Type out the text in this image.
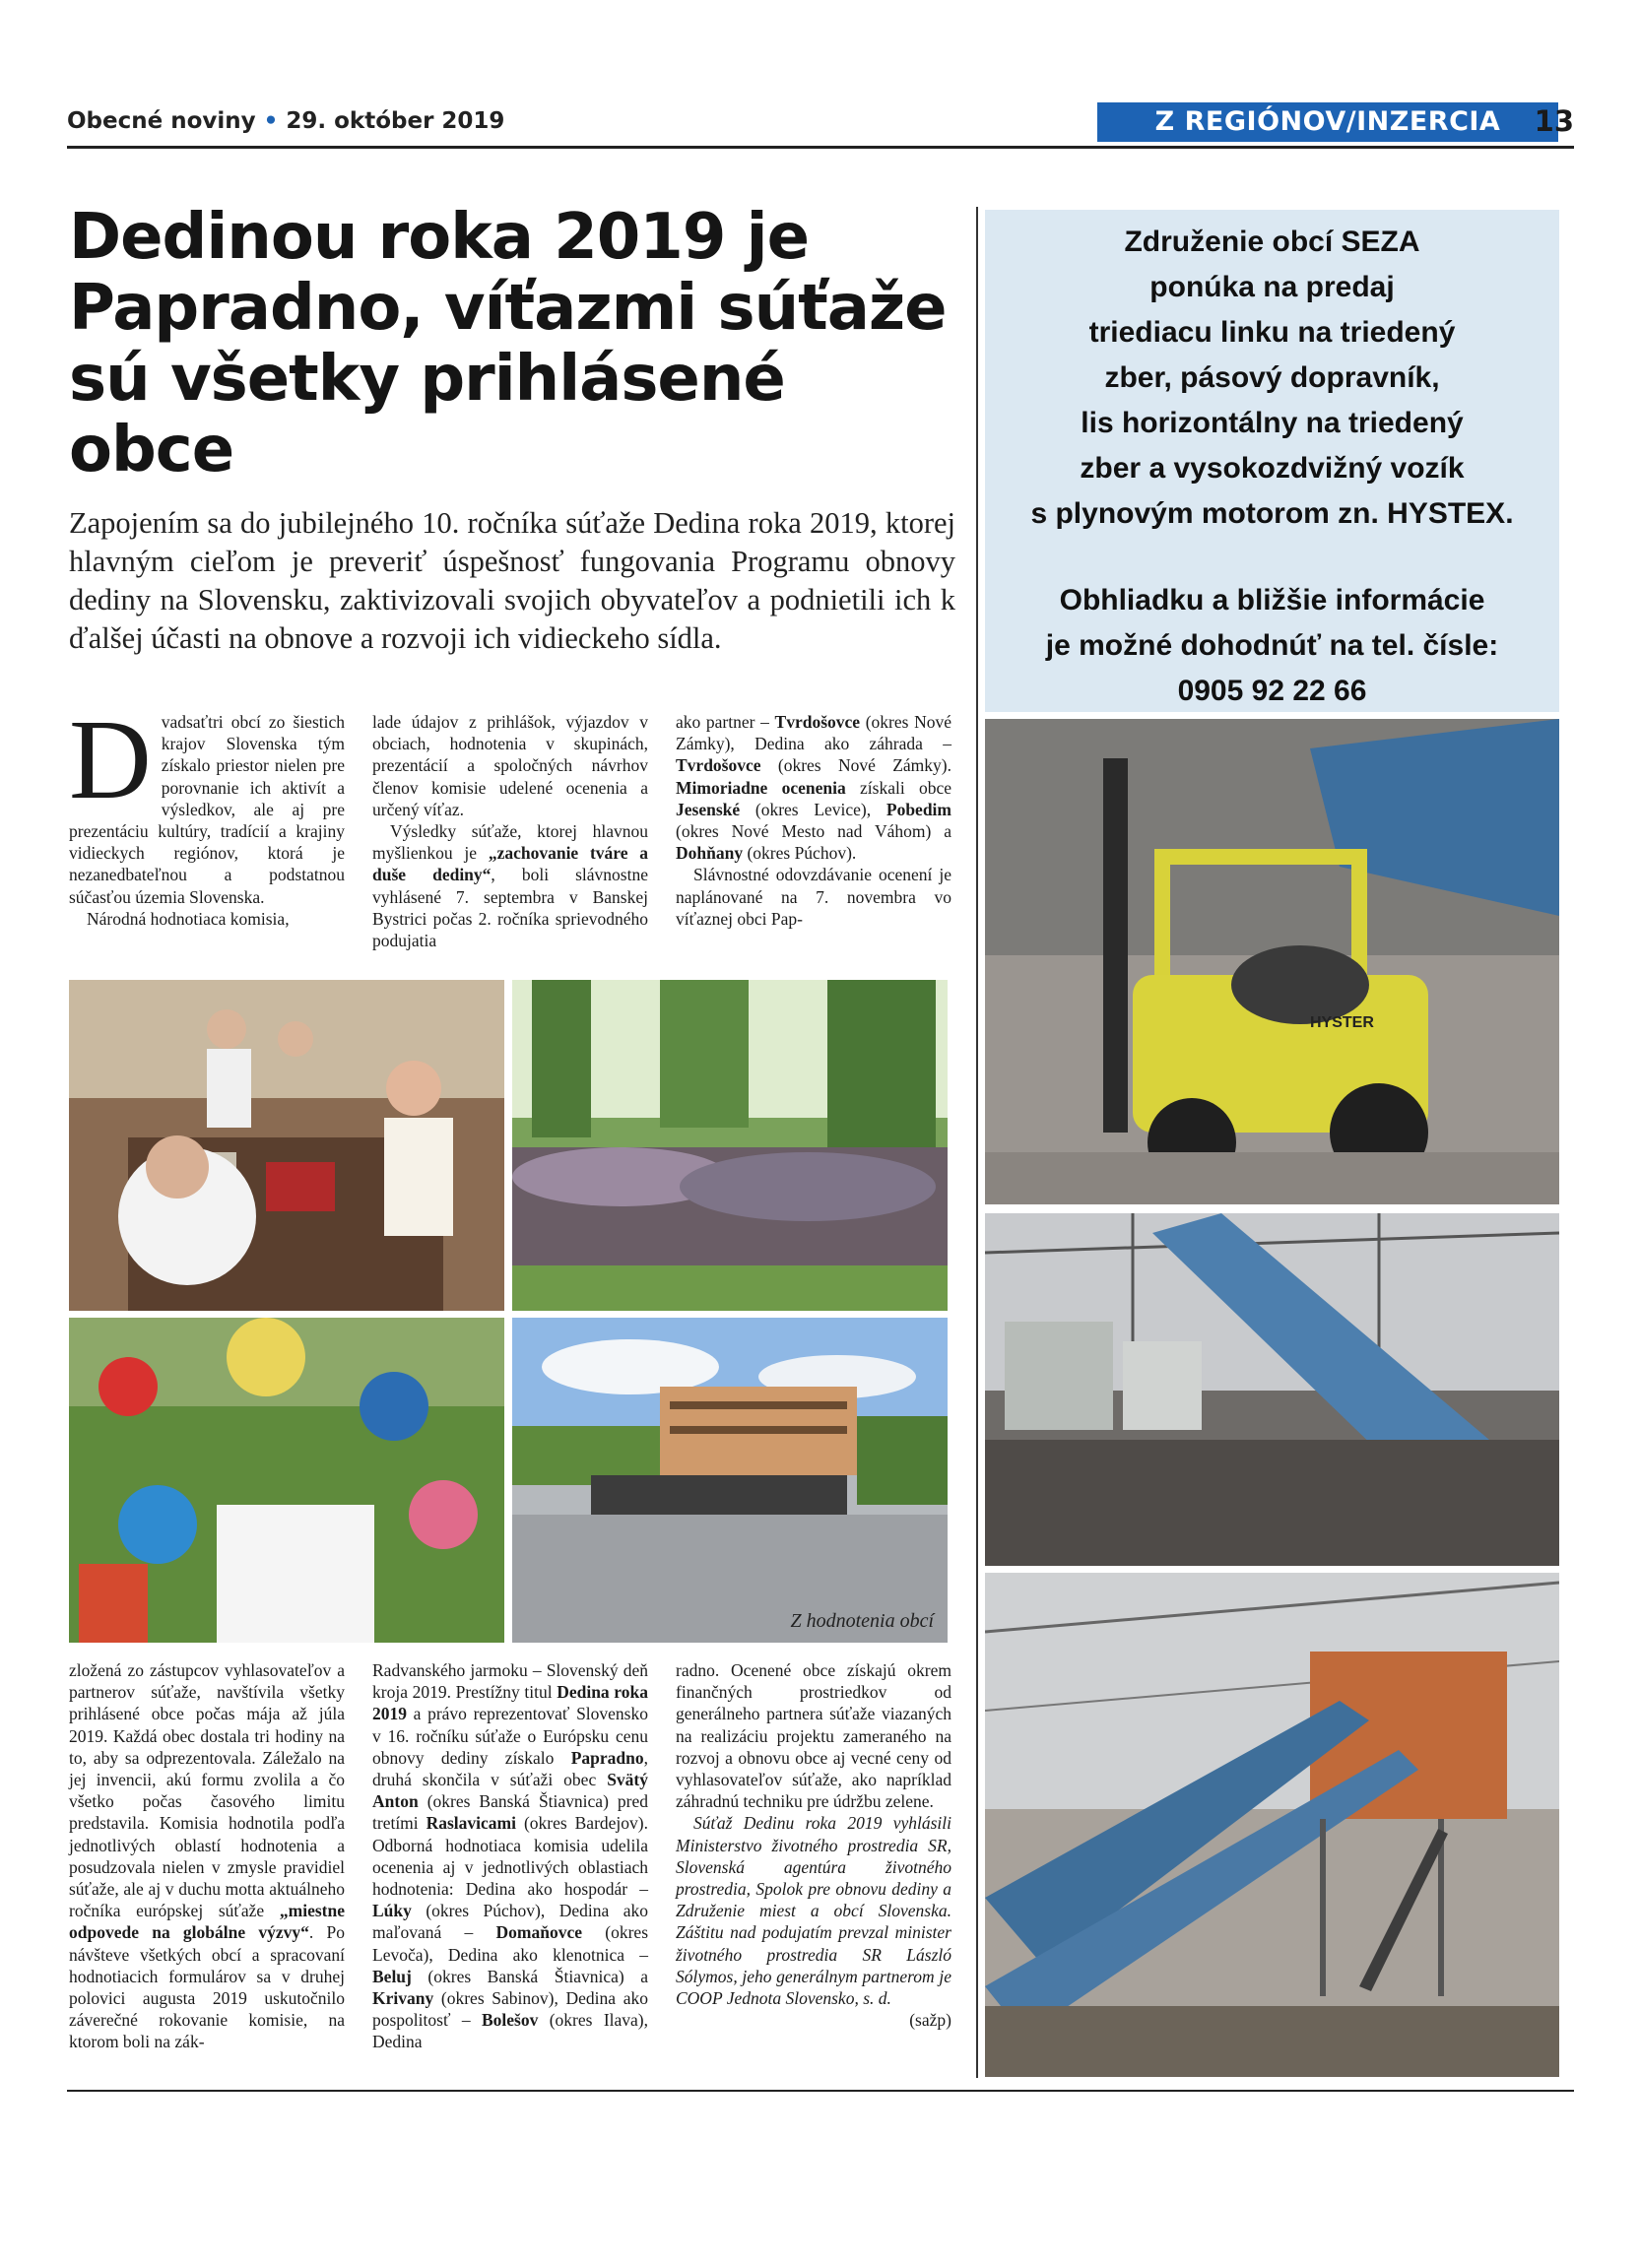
Obecné noviny • 29. október 2019	Z REGIÓNOV/INZERCIA	13
Dedinou roka 2019 je Papradno, víťazmi súťaže sú všetky prihlásené obce
Zapojením sa do jubilejného 10. ročníka súťaže Dedina roka 2019, ktorej hlavným cieľom je preveriť úspešnosť fungovania Programu obnovy dediny na Slovensku, zaktivizovali svojich obyvateľov a podnietili ich k ďalšej účasti na obnove a rozvoji ich vidieckeho sídla.

Dvadsaťtri obcí zo šiestich krajov Slovenska tým získalo priestor nielen pre porovnanie ich aktivít a výsledkov, ale aj pre prezentáciu kultúry, tradícií a krajiny vidieckych regiónov, ktorá je nezanedbateľnou a podstatnou súčasťou územia Slovenska.

Národná hodnotiaca komisia,

lade údajov z prihlášok, výjazdov v obciach, hodnotenia v skupinách, prezentácií a spoločných návrhov členov komisie udelené ocenenia a určený víťaz.

Výsledky súťaže, ktorej hlavnou myšlienkou je „zachovanie tváre a duše dediny“, boli slávnostne vyhlásené 7. septembra v Banskej Bystrici počas 2. ročníka sprievodného podujatia

ako partner – Tvrdošovce (okres Nové Zámky), Dedina ako záhrada – Tvrdošovce (okres Nové Zámky). Mimoriadne ocenenia získali obce Jesenské (okres Levice), Pobedim (okres Nové Mesto nad Váhom) a Dohňany (okres Púchov).

Slávnostné odovzdávanie ocenení je naplánované na 7. novembra vo víťaznej obci Pap-

Z hodnotenia obcí

zložená zo zástupcov vyhlasovateľov a partnerov súťaže, navštívila všetky prihlásené obce počas mája až júla 2019. Každá obec dostala tri hodiny na to, aby sa odprezentovala. Záležalo na jej invencii, akú formu zvolila a čo všetko počas časového limitu predstavila. Komisia hodnotila podľa jednotlivých oblastí hodnotenia a posudzovala nielen v zmysle pravidiel súťaže, ale aj v duchu motta aktuálneho ročníka európskej súťaže „miestne odpovede na globálne výzvy“. Po návšteve všetkých obcí a spracovaní hodnotiacich formulárov sa v druhej polovici augusta 2019 uskutočnilo záverečné rokovanie komisie, na ktorom boli na zák-

Radvanského jarmoku – Slovenský deň kroja 2019. Prestížny titul Dedina roka 2019 a právo reprezentovať Slovensko v 16. ročníku súťaže o Európsku cenu obnovy dediny získalo Papradno, druhá skončila v súťaži obec Svätý Anton (okres Banská Štiavnica) pred tretími Raslavicami (okres Bardejov). Odborná hodnotiaca komisia udelila ocenenia aj v jednotlivých oblastiach hodnotenia: Dedina ako hospodár – Lúky (okres Púchov), Dedina ako maľovaná – Domaňovce (okres Levoča), Dedina ako klenotnica – Beluj (okres Banská Štiavnica) a Krivany (okres Sabinov), Dedina ako pospolitosť – Bolešov (okres Ilava), Dedina

radno. Ocenené obce získajú okrem finančných prostriedkov od generálneho partnera súťaže viazaných na realizáciu projektu zameraného na rozvoj a obnovu obce aj vecné ceny od vyhlasovateľov súťaže, ako napríklad záhradnú techniku pre údržbu zelene.

Súťaž Dedinu roka 2019 vyhlásili Ministerstvo životného prostredia SR, Slovenská agentúra životného prostredia, Spolok pre obnovu dediny a Združenie miest a obcí Slovenska. Záštitu nad podujatím prevzal minister životného prostredia SR László Sólymos, jeho generálnym partnerom je COOP Jednota Slovensko, s. d.

(sažp)

Združenie obcí SEZA
ponúka na predaj
triediacu linku na triedený
zber, pásový dopravník,
lis horizontálny na triedený
zber a vysokozdvižný vozík
s plynovým motorom zn. HYSTEX.
Obhliadku a bližšie informácie
je možné dohodnúť na tel. čísle:
0905 92 22 66
HYSTER
